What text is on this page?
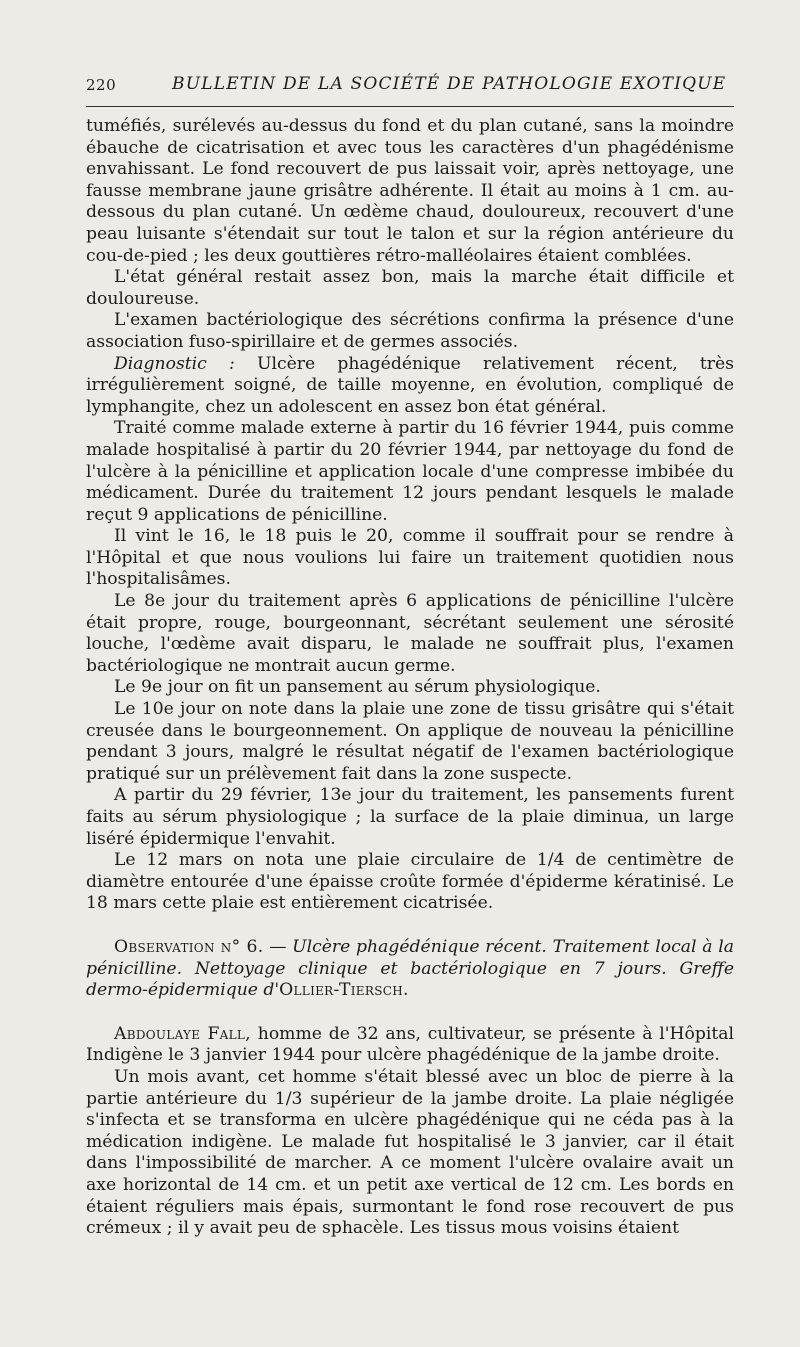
220	BULLETIN DE LA SOCIÉTÉ DE PATHOLOGIE EXOTIQUE

tuméfiés, surélevés au-dessus du fond et du plan cutané, sans la moindre ébauche de cicatrisation et avec tous les caractères d'un phagédénisme envahissant. Le fond recouvert de pus laissait voir, après nettoyage, une fausse membrane jaune grisâtre adhérente. Il était au moins à 1 cm. au-dessous du plan cutané. Un œdème chaud, douloureux, recouvert d'une peau luisante s'étendait sur tout le talon et sur la région antérieure du cou-de-pied ; les deux gouttières rétro-malléolaires étaient comblées.

L'état général restait assez bon, mais la marche était difficile et douloureuse.

L'examen bactériologique des sécrétions confirma la présence d'une association fuso-spirillaire et de germes associés.

Diagnostic : Ulcère phagédénique relativement récent, très irrégulièrement soigné, de taille moyenne, en évolution, compliqué de lymphangite, chez un adolescent en assez bon état général.

Traité comme malade externe à partir du 16 février 1944, puis comme malade hospitalisé à partir du 20 février 1944, par nettoyage du fond de l'ulcère à la pénicilline et application locale d'une compresse imbibée du médicament. Durée du traitement 12 jours pendant lesquels le malade reçut 9 applications de pénicilline.

Il vint le 16, le 18 puis le 20, comme il souffrait pour se rendre à l'Hôpital et que nous voulions lui faire un traitement quotidien nous l'hospitalisâmes.

Le 8e jour du traitement après 6 applications de pénicilline l'ulcère était propre, rouge, bourgeonnant, sécrétant seulement une sérosité louche, l'œdème avait disparu, le malade ne souffrait plus, l'examen bactériologique ne montrait aucun germe.

Le 9e jour on fit un pansement au sérum physiologique.

Le 10e jour on note dans la plaie une zone de tissu grisâtre qui s'était creusée dans le bourgeonnement. On applique de nouveau la pénicilline pendant 3 jours, malgré le résultat négatif de l'examen bactériologique pratiqué sur un prélèvement fait dans la zone suspecte.

A partir du 29 février, 13e jour du traitement, les pansements furent faits au sérum physiologique ; la surface de la plaie diminua, un large liséré épidermique l'envahit.

Le 12 mars on nota une plaie circulaire de 1/4 de centimètre de diamètre entourée d'une épaisse croûte formée d'épiderme kératinisé. Le 18 mars cette plaie est entièrement cicatrisée.

Observation n° 6. — Ulcère phagédénique récent. Traitement local à la pénicilline. Nettoyage clinique et bactériologique en 7 jours. Greffe dermo-épidermique d'Ollier-Tiersch.

Abdoulaye Fall, homme de 32 ans, cultivateur, se présente à l'Hôpital Indigène le 3 janvier 1944 pour ulcère phagédénique de la jambe droite.

Un mois avant, cet homme s'était blessé avec un bloc de pierre à la partie antérieure du 1/3 supérieur de la jambe droite. La plaie négligée s'infecta et se transforma en ulcère phagédénique qui ne céda pas à la médication indigène. Le malade fut hospitalisé le 3 janvier, car il était dans l'impossibilité de marcher. A ce moment l'ulcère ovalaire avait un axe horizontal de 14 cm. et un petit axe vertical de 12 cm. Les bords en étaient réguliers mais épais, surmontant le fond rose recouvert de pus crémeux ; il y avait peu de sphacèle. Les tissus mous voisins étaient
